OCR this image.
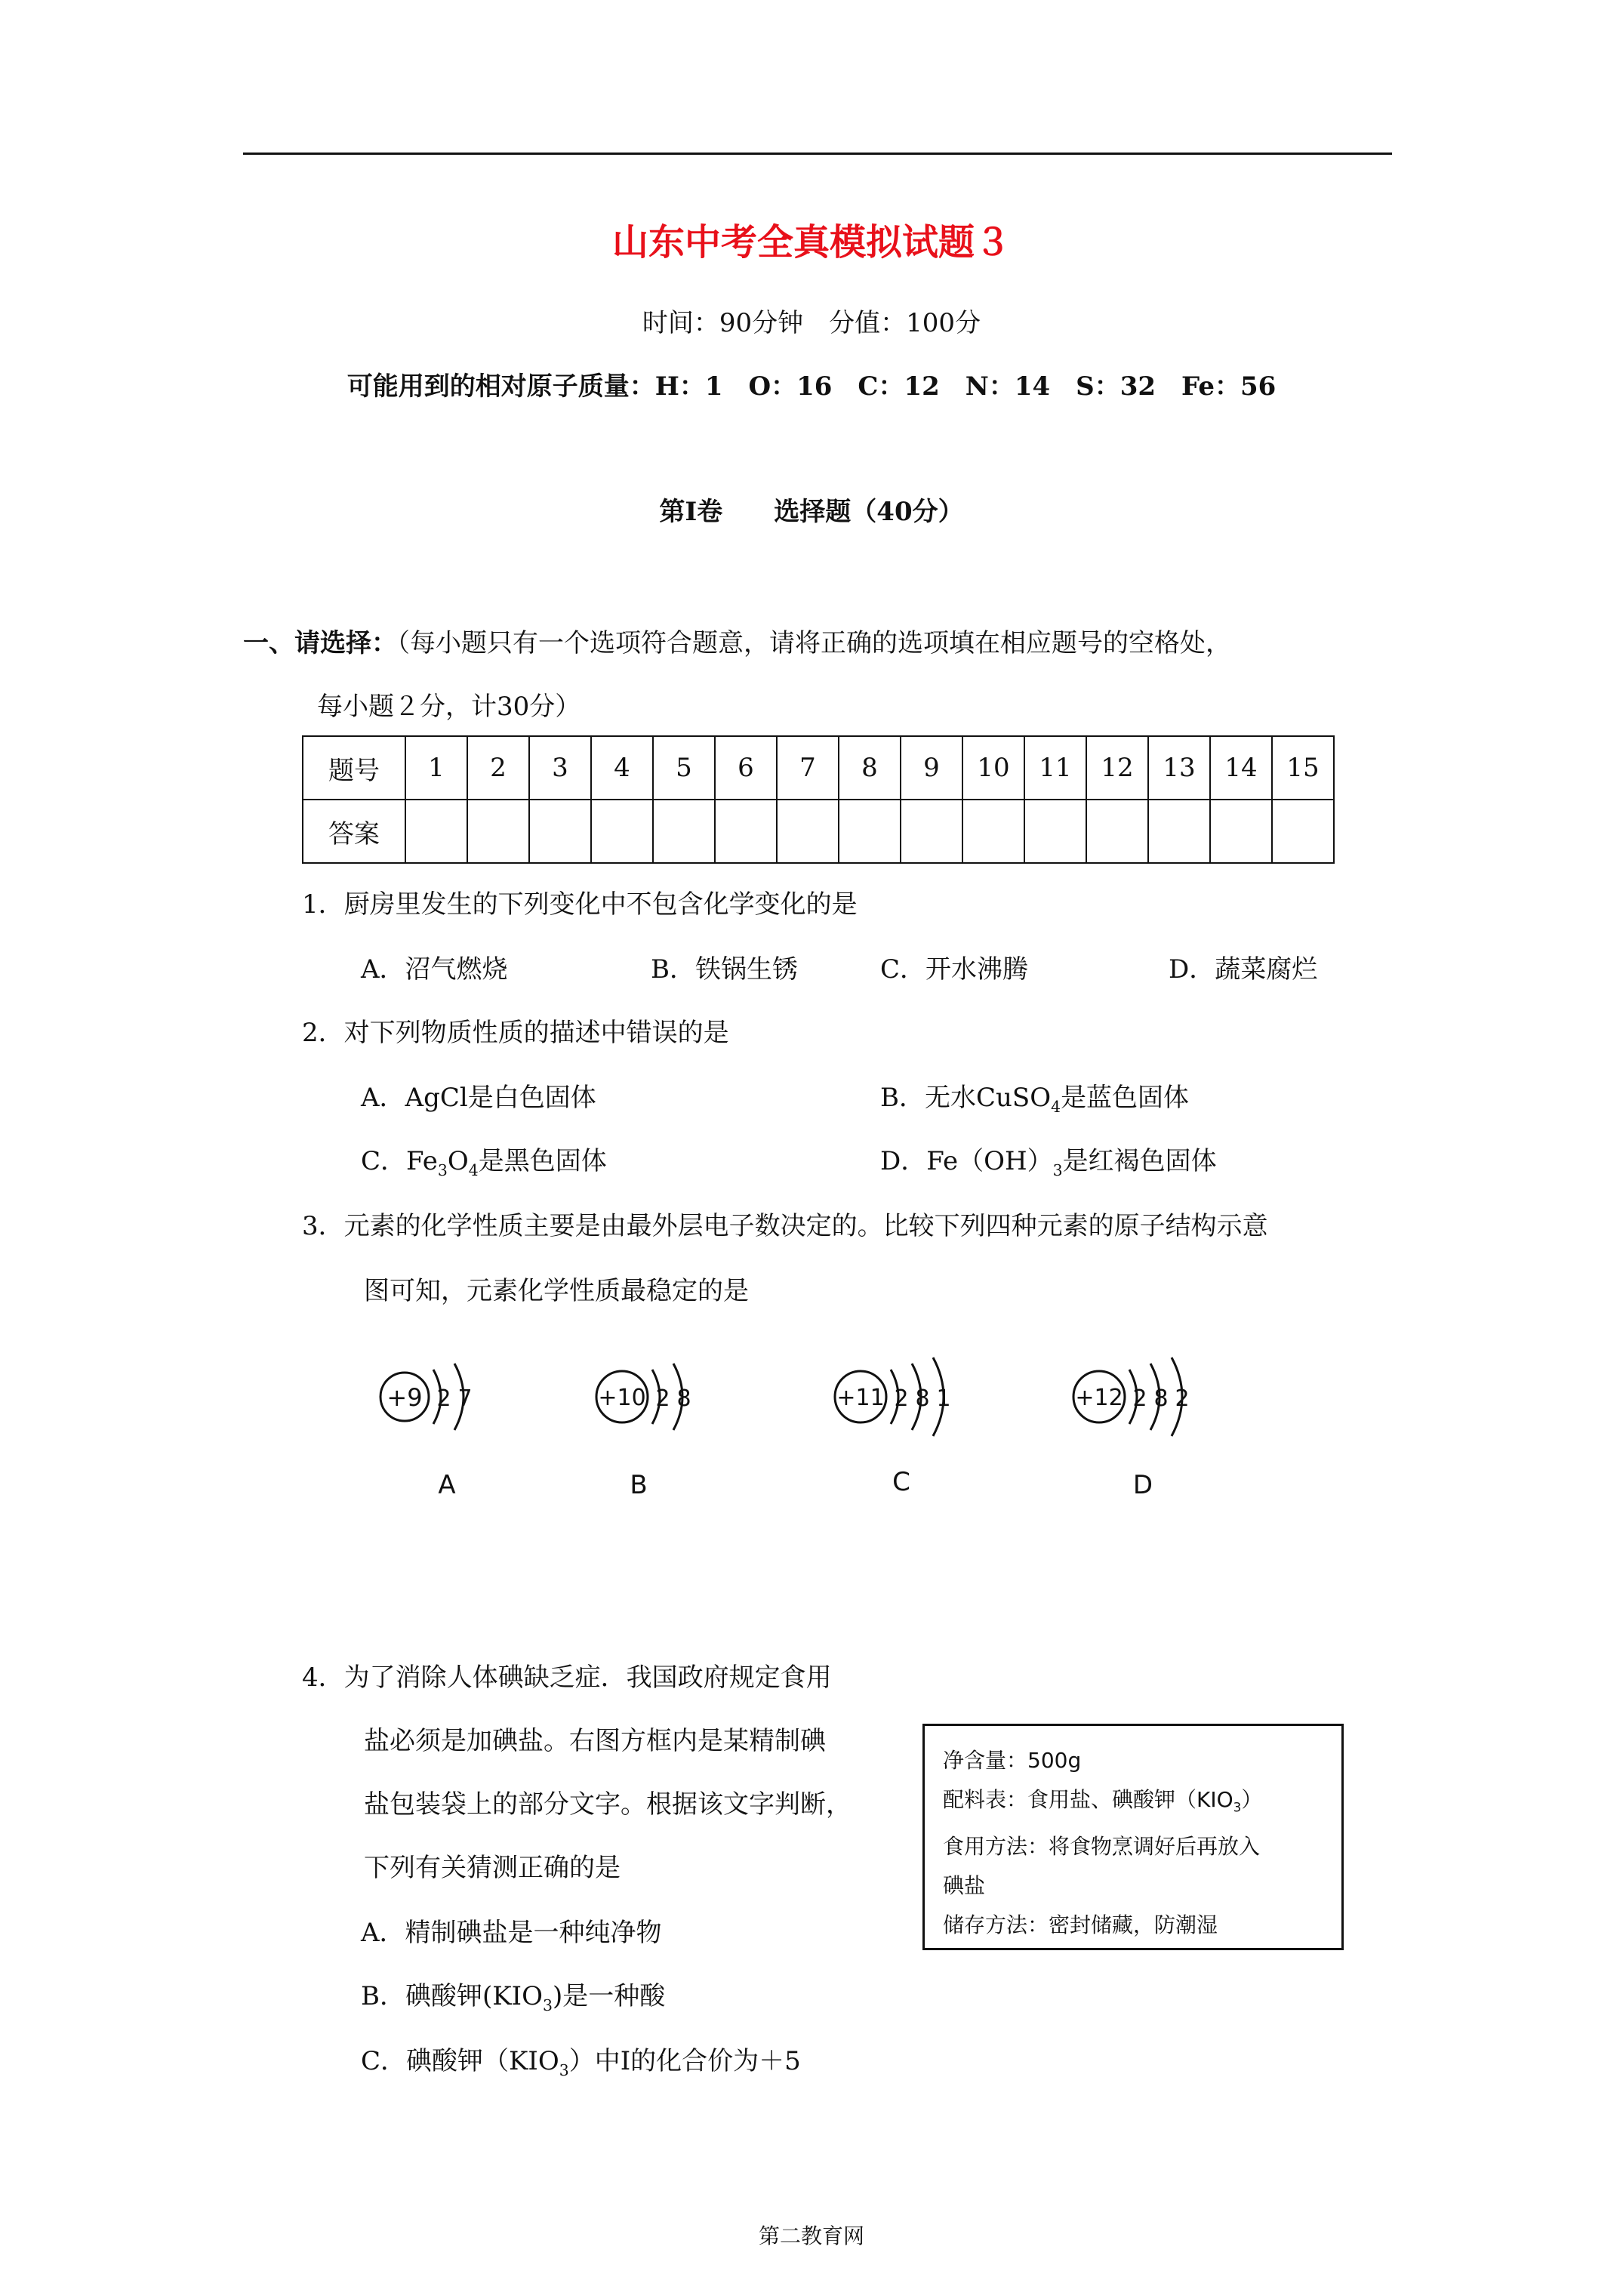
山东中考全真模拟试题３
时间：90分钟　分值：100分
可能用到的相对原子质量：H：1　O：16　C：12　N：14　S：32　Fe：56
第Ⅰ卷　　选择题（40分）
一、请选择：（每小题只有一个选项符合题意，请将正确的选项填在相应题号的空格处，
每小题２分，计30分）
题号	1	2	3	4	5	6	7	8	9	10	11	12	13	14	15
答案															
1．厨房里发生的下列变化中不包含化学变化的是
A．沼气燃烧	B．铁锅生锈	C．开水沸腾	D．蔬菜腐烂
2．对下列物质性质的描述中错误的是
A．AgCl是白色固体	B．无水CuSO$_4$是蓝色固体
C．$Fe_3O_4$是黑色固体	D．$Fe(OH)_3$是红褐色固体
3．元素的化学性质主要是由最外层电子数决定的。比较下列四种元素的原子结构示意
图可知，元素化学性质最稳定的是
+9 2 7
A
+10 2 8
B
+11 2 8 1
C
+12 2 8 2
D
4．为了消除人体碘缺乏症．我国政府规定食用
盐必须是加碘盐。右图方框内是某精制碘
盐包装袋上的部分文字。根据该文字判断，
下列有关猜测正确的是
A．精制碘盐是一种纯净物
B．碘酸钾$(KIO_3)$是一种酸
C．碘酸钾$(KIO_3)$中Ⅰ的化合价为＋5
净含量：500g
配料表：食用盐、碘酸钾$(KIO_3)$
食用方法：将食物烹调好后再放入
碘盐
储存方法：密封储藏，防潮湿
第二教育网
